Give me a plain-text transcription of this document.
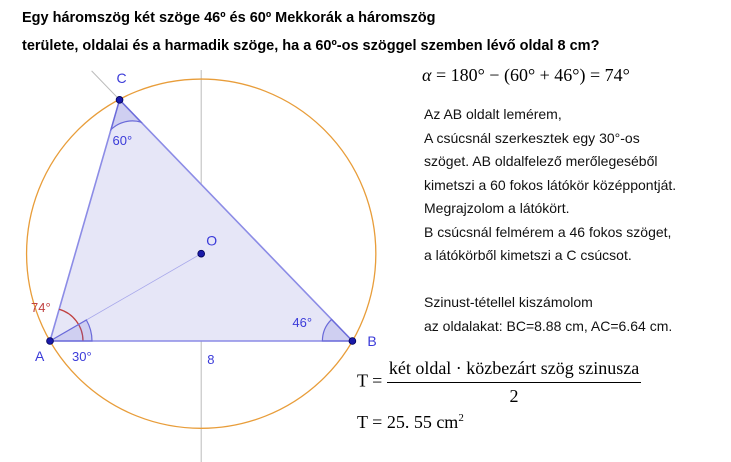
A
B
C
O
74°
30°
46°
60°
8
Egy háromszög két szöge 46º és 60º Mekkorák a háromszög
területe, oldalai és a harmadik szöge, ha a 60º-os szöggel szemben lévő oldal 8 cm?
α = 180° − (60° + 46°) = 74°
Az AB oldalt lemérem,
A csúcsnál szerkesztek egy 30°-os
szöget. AB oldalfelező merőlegeséből
kimetszi a 60 fokos látókör középpontját.
Megrajzolom a látókört.
B csúcsnál felmérem a 46 fokos szöget,
a látókörből kimetszi a C csúcsot.
Szinust-tétellel kiszámolom
az oldalakat: BC=8.88 cm, AC=6.64 cm.
$T = \frac{\text{két oldal · közbezárt szög szinusza}}{2}$
T = 25. 55 $cm^2$
